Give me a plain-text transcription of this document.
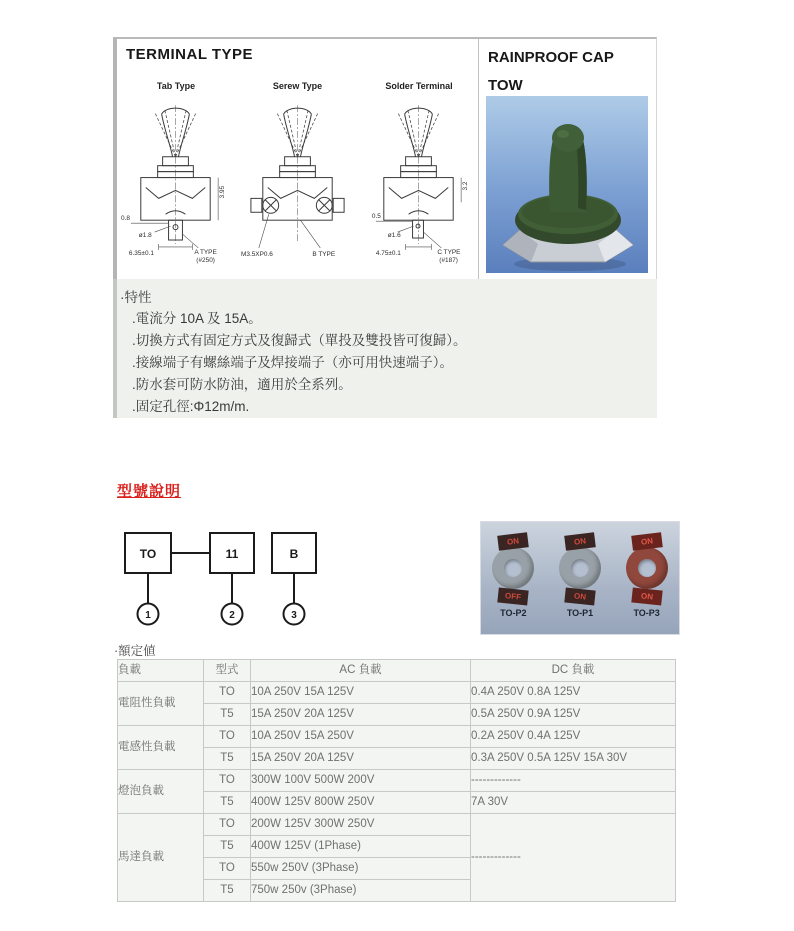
TERMINAL TYPE
Tab Type
0.8
ø1.8
6.35±0.1
3.95
A TYPE
(#250)
Serew Type
M3.5XP0.6	B TYPE
Solder Terminal
0.5
ø1.6
4.75±0.1
3.2
C TYPE
(#187)
RAINPROOF CAP
TOW
·特性
.電流分 10A 及 15A。
.切換方式有固定方式及復歸式（單投及雙投皆可復歸）。
.接線端子有螺絲端子及焊接端子（亦可用快速端子）。
.防水套可防水防油，適用於全系列。
.固定孔徑:Φ12m/m.
型號說明
TO	11	B
1	2	3
ON
OFF
ON
ON
ON
ON
TO-P2	TO-P1	TO-P3
·額定値
負載	型式	AC 負載	DC 負載
電阻性負載	TO	10A 250V 15A 125V	0.4A 250V 0.8A 125V
	T5	15A 250V 20A 125V	0.5A 250V 0.9A 125V
電感性負載	TO	10A 250V 15A 250V	0.2A 250V 0.4A 125V
	T5	15A 250V 20A 125V	0.3A 250V 0.5A 125V 15A 30V
燈泡負載	TO	300W 100V 500W 200V	-------------
	T5	400W 125V 800W 250V	7A 30V
馬達負載	TO	200W 125V 300W 250V	-------------
	T5	400W 125V (1Phase)	
	TO	550w 250V (3Phase)	
	T5	750w 250v (3Phase)	
